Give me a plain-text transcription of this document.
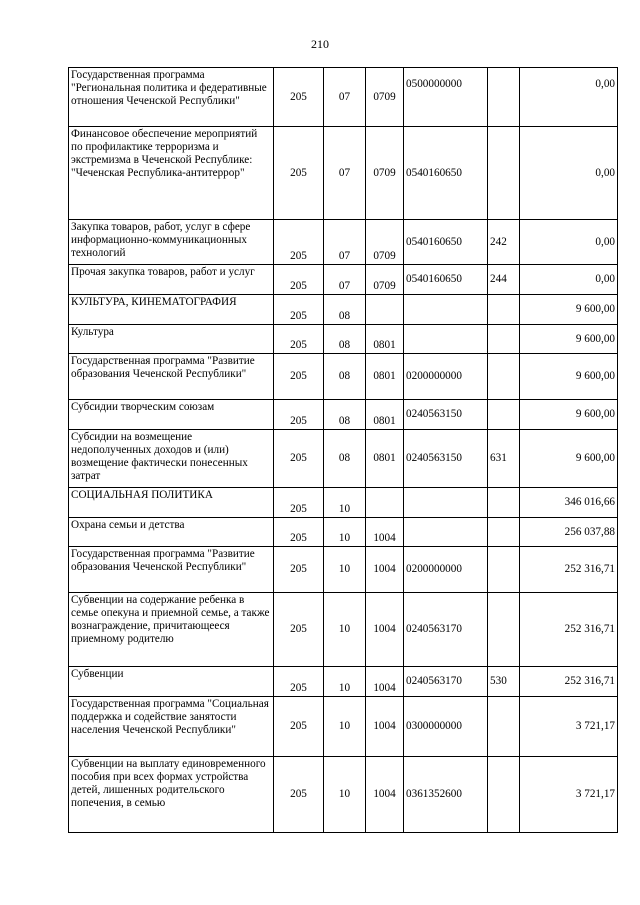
210
Государственная программа "Региональная политика и федеративные отношения Чеченской Республики"	205	07	0709	0500000000		0,00
Финансовое обеспечение мероприятий по профилактике терроризма и экстремизма в Чеченской Республике: "Чеченская Республика-антитеррор"	205	07	0709	0540160650		0,00
Закупка товаров, работ, услуг в сфере информационно-коммуникационных технологий	205	07	0709	0540160650	242	0,00
Прочая закупка товаров, работ и услуг	205	07	0709	0540160650	244	0,00
КУЛЬТУРА, КИНЕМАТОГРАФИЯ	205	08				9 600,00
Культура	205	08	0801			9 600,00
Государственная программа "Развитие образования Чеченской Республики"	205	08	0801	0200000000		9 600,00
Субсидии творческим союзам	205	08	0801	0240563150		9 600,00
Субсидии на возмещение недополученных доходов и (или) возмещение фактически понесенных затрат	205	08	0801	0240563150	631	9 600,00
СОЦИАЛЬНАЯ ПОЛИТИКА	205	10				346 016,66
Охрана семьи и детства	205	10	1004			256 037,88
Государственная программа "Развитие образования Чеченской Республики"	205	10	1004	0200000000		252 316,71
Субвенции на содержание ребенка в семье опекуна и приемной семье, а также вознаграждение, причитающееся приемному родителю	205	10	1004	0240563170		252 316,71
Субвенции	205	10	1004	0240563170	530	252 316,71
Государственная программа "Социальная поддержка и содействие занятости населения Чеченской Республики"	205	10	1004	0300000000		3 721,17
Субвенции на выплату единовременного пособия при всех формах устройства детей, лишенных родительского попечения, в семью	205	10	1004	0361352600		3 721,17
